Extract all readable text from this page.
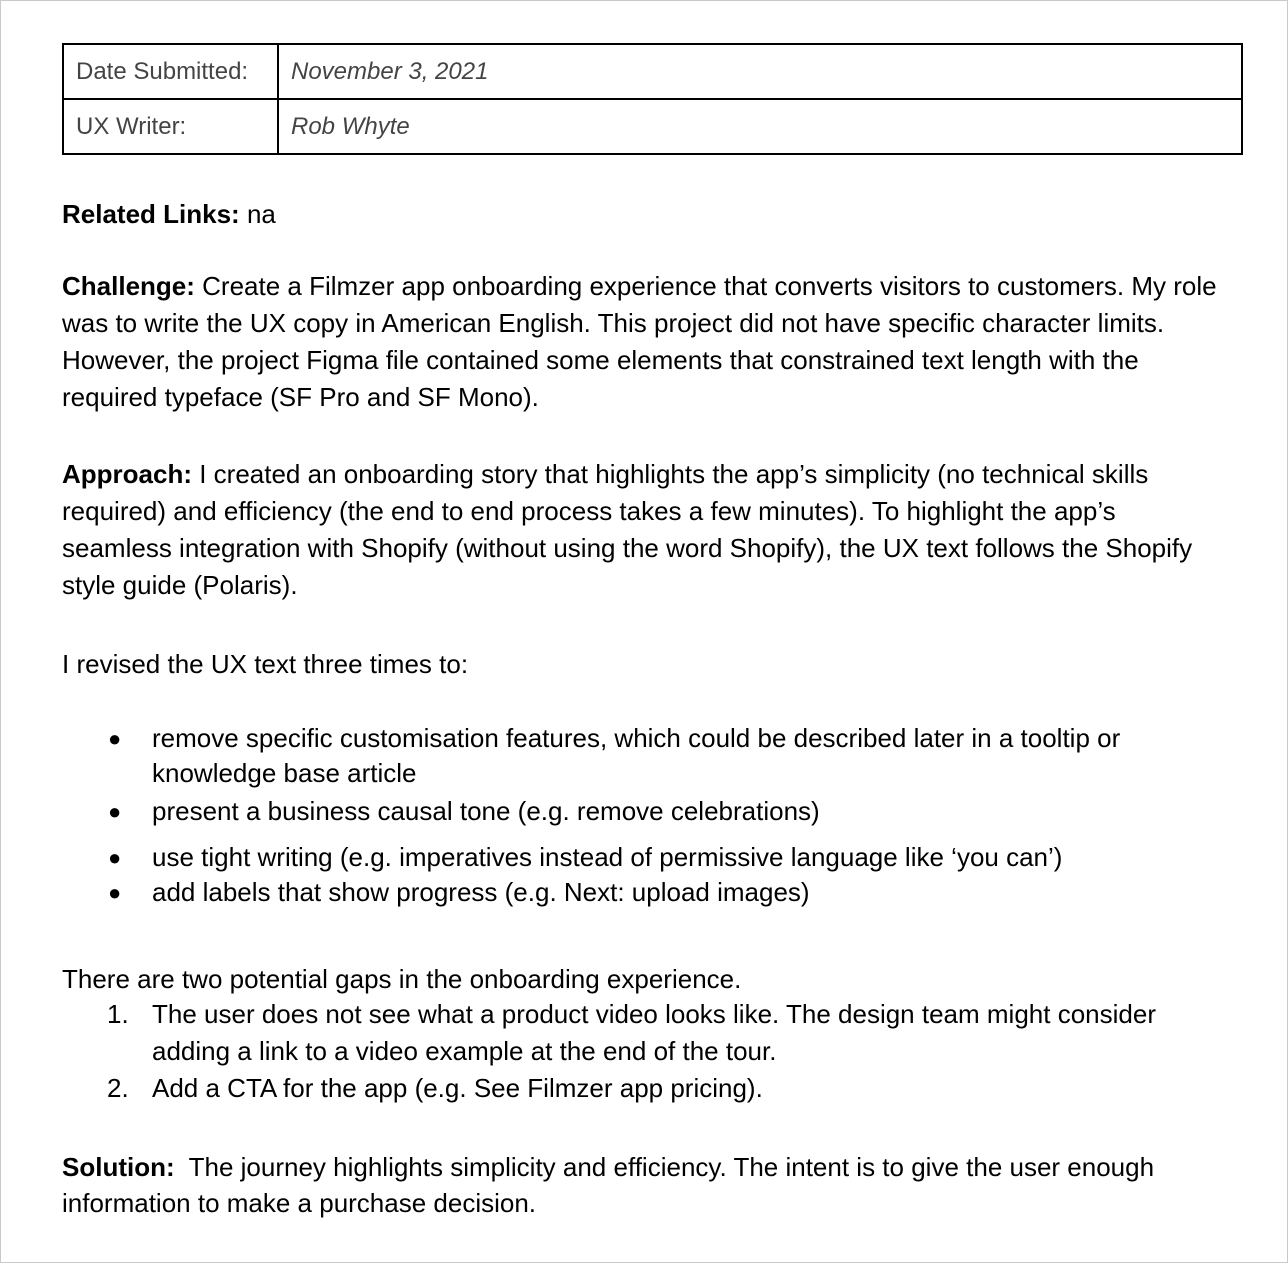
Date Submitted:	November 3, 2021
UX Writer:	Rob Whyte

Related Links: na

Challenge: Create a Filmzer app onboarding experience that converts visitors to customers. My role was to write the UX copy in American English. This project did not have specific character limits. However, the project Figma file contained some elements that constrained text length with the required typeface (SF Pro and SF Mono).

Approach: I created an onboarding story that highlights the app’s simplicity (no technical skills required) and efficiency (the end to end process takes a few minutes). To highlight the app’s seamless integration with Shopify (without using the word Shopify), the UX text follows the Shopify style guide (Polaris).

I revised the UX text three times to:

● remove specific customisation features, which could be described later in a tooltip or knowledge base article
● present a business causal tone (e.g. remove celebrations)
● use tight writing (e.g. imperatives instead of permissive language like ‘you can’)
● add labels that show progress (e.g. Next: upload images)

There are two potential gaps in the onboarding experience.

1. The user does not see what a product video looks like. The design team might consider adding a link to a video example at the end of the tour.
2. Add a CTA for the app (e.g. See Filmzer app pricing).

Solution:  The journey highlights simplicity and efficiency. The intent is to give the user enough information to make a purchase decision.
